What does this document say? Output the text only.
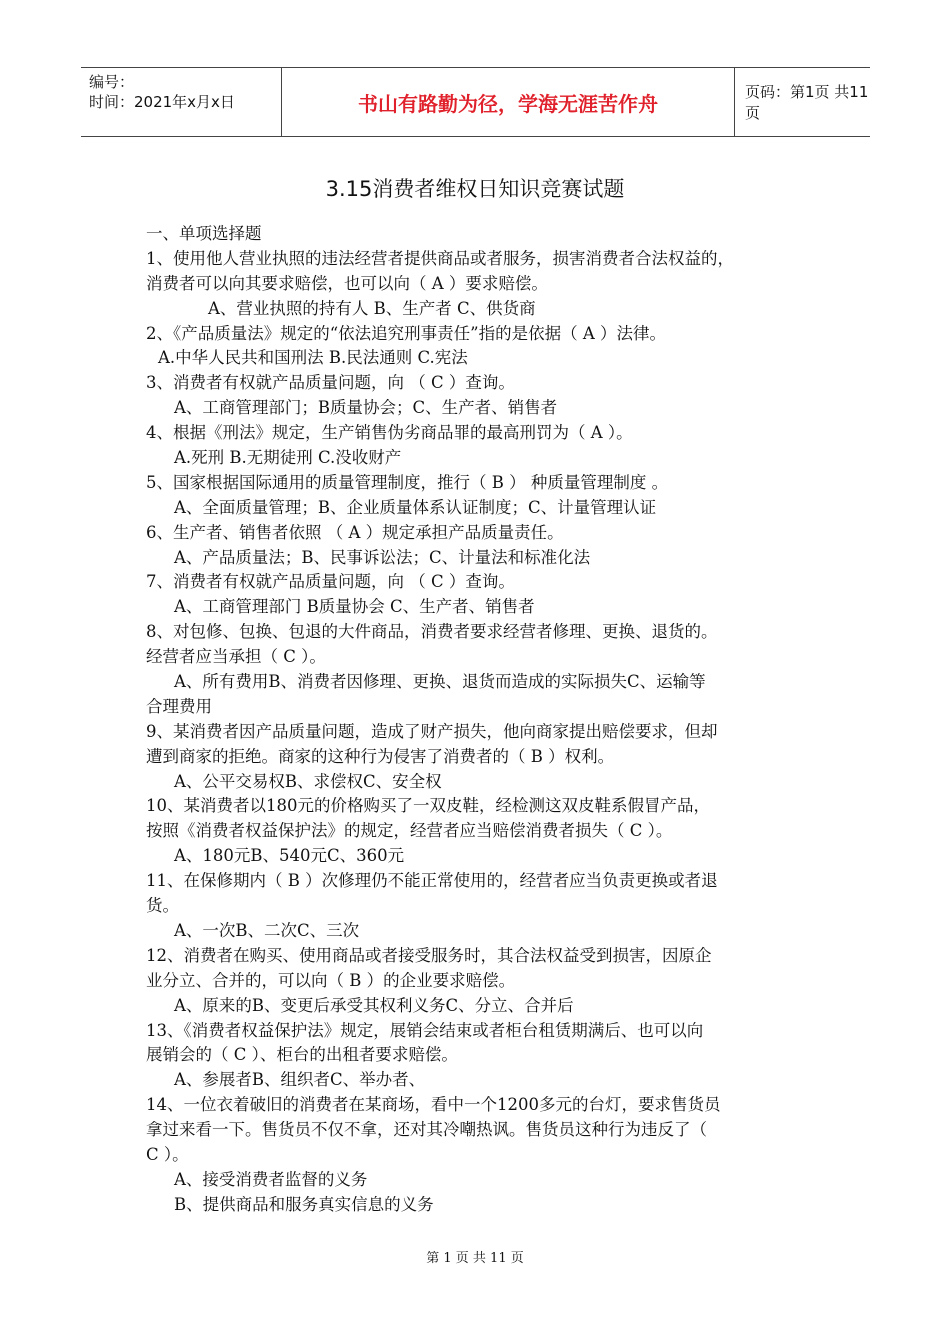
编号：
时间：2021年x月x日	书山有路勤为径，学海无涯苦作舟	页码：第1页 共11页
3.15消费者维权日知识竞赛试题
一、单项选择题
1、使用他人营业执照的违法经营者提供商品或者服务，损害消费者合法权益的，
消费者可以向其要求赔偿，也可以向（ A ）要求赔偿。
A、营业执照的持有人 B、生产者 C、供货商
2、《产品质量法》规定的“依法追究刑事责任”指的是依据（ A ）法律。
A.中华人民共和国刑法 B.民法通则 C.宪法
3、消费者有权就产品质量问题，向 （ C ）查询。
A、工商管理部门；B质量协会；C、生产者、销售者
4、根据《刑法》规定，生产销售伪劣商品罪的最高刑罚为（ A ）。
A.死刑 B.无期徒刑 C.没收财产
5、国家根据国际通用的质量管理制度，推行（ B ） 种质量管理制度 。
A、全面质量管理；B、企业质量体系认证制度；C、计量管理认证
6、生产者、销售者依照 （ A ）规定承担产品质量责任。
A、产品质量法；B、民事诉讼法；C、计量法和标准化法
7、消费者有权就产品质量问题，向 （ C ）查询。
A、工商管理部门 B质量协会 C、生产者、销售者
8、对包修、包换、包退的大件商品，消费者要求经营者修理、更换、退货的。
经营者应当承担（ C ）。
A、所有费用B、消费者因修理、更换、退货而造成的实际损失C、运输等
合理费用
9、某消费者因产品质量问题，造成了财产损失，他向商家提出赔偿要求，但却
遭到商家的拒绝。商家的这种行为侵害了消费者的（ B ）权利。
A、公平交易权B、求偿权C、安全权
10、某消费者以180元的价格购买了一双皮鞋，经检测这双皮鞋系假冒产品，
按照《消费者权益保护法》的规定，经营者应当赔偿消费者损失（ C ）。
A、180元B、540元C、360元
11、在保修期内（ B ）次修理仍不能正常使用的，经营者应当负责更换或者退
货。
A、一次B、二次C、三次
12、消费者在购买、使用商品或者接受服务时，其合法权益受到损害，因原企
业分立、合并的，可以向（ B ）的企业要求赔偿。
A、原来的B、变更后承受其权利义务C、分立、合并后
13、《消费者权益保护法》规定，展销会结束或者柜台租赁期满后、也可以向
展销会的（ C ）、柜台的出租者要求赔偿。
A、参展者B、组织者C、举办者、
14、一位衣着破旧的消费者在某商场，看中一个1200多元的台灯，要求售货员
拿过来看一下。售货员不仅不拿，还对其冷嘲热讽。售货员这种行为违反了（
C ）。
A、接受消费者监督的义务
B、提供商品和服务真实信息的义务
第 1 页 共 11 页
